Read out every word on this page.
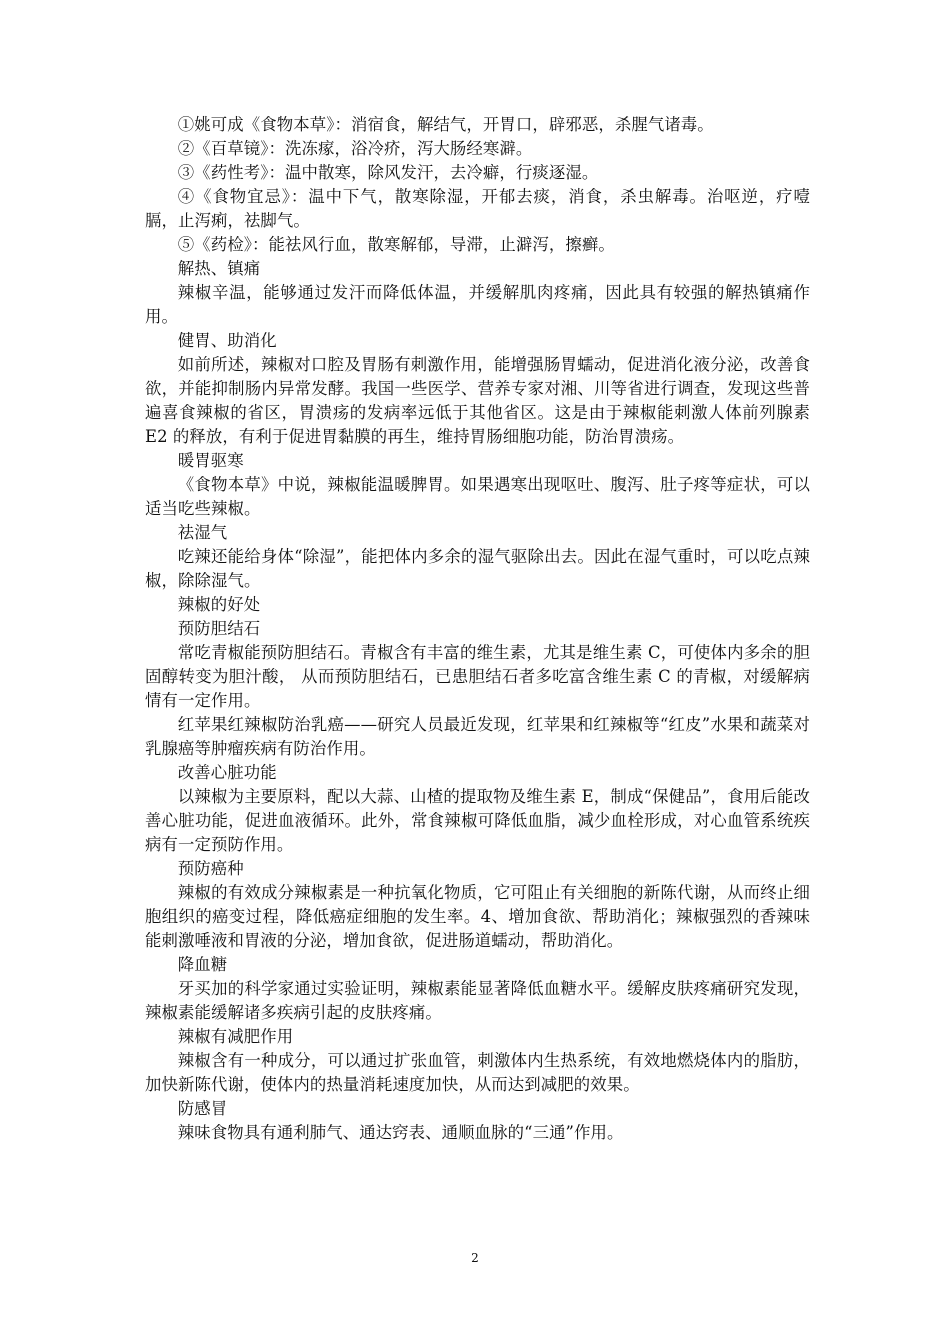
①姚可成《食物本草》：消宿食，解结气，开胃口，辟邪恶，杀腥气诸毒。

②《百草镜》：洗冻瘃，浴冷疥，泻大肠经寒澼。

③《药性考》：温中散寒，除风发汗，去冷癖，行痰逐湿。

④《食物宜忌》：温中下气，散寒除湿，开郁去痰，消食，杀虫解毒。治呕逆，疗噎膈，止泻痢，祛脚气。

⑤《药检》：能祛风行血，散寒解郁，导滞，止澼泻，擦癣。

解热、镇痛

辣椒辛温，能够通过发汗而降低体温，并缓解肌肉疼痛，因此具有较强的解热镇痛作用。

健胃、助消化

如前所述，辣椒对口腔及胃肠有刺激作用，能增强肠胃蠕动，促进消化液分泌，改善食欲，并能抑制肠内异常发酵。我国一些医学、营养专家对湘、川等省进行调查，发现这些普遍喜食辣椒的省区，胃溃疡的发病率远低于其他省区。这是由于辣椒能刺激人体前列腺素 E2 的释放，有利于促进胃黏膜的再生，维持胃肠细胞功能，防治胃溃疡。

暖胃驱寒

《食物本草》中说，辣椒能温暖脾胃。如果遇寒出现呕吐、腹泻、肚子疼等症状，可以适当吃些辣椒。

祛湿气

吃辣还能给身体“除湿”，能把体内多余的湿气驱除出去。因此在湿气重时，可以吃点辣椒，除除湿气。

辣椒的好处

预防胆结石

常吃青椒能预防胆结石。青椒含有丰富的维生素，尤其是维生素 C，可使体内多余的胆固醇转变为胆汁酸， 从而预防胆结石，已患胆结石者多吃富含维生素 C 的青椒，对缓解病情有一定作用。

红苹果红辣椒防治乳癌——研究人员最近发现，红苹果和红辣椒等“红皮”水果和蔬菜对乳腺癌等肿瘤疾病有防治作用。

改善心脏功能

以辣椒为主要原料，配以大蒜、山楂的提取物及维生素 E，制成“保健品”，食用后能改善心脏功能，促进血液循环。此外，常食辣椒可降低血脂，减少血栓形成，对心血管系统疾病有一定预防作用。

预防癌种

辣椒的有效成分辣椒素是一种抗氧化物质，它可阻止有关细胞的新陈代谢，从而终止细胞组织的癌变过程，降低癌症细胞的发生率。4、增加食欲、帮助消化；辣椒强烈的香辣味能刺激唾液和胃液的分泌，增加食欲，促进肠道蠕动，帮助消化。

降血糖

牙买加的科学家通过实验证明，辣椒素能显著降低血糖水平。缓解皮肤疼痛研究发现，辣椒素能缓解诸多疾病引起的皮肤疼痛。

辣椒有减肥作用

辣椒含有一种成分，可以通过扩张血管，刺激体内生热系统，有效地燃烧体内的脂肪，加快新陈代谢，使体内的热量消耗速度加快，从而达到减肥的效果。

防感冒

辣味食物具有通利肺气、通达窍表、通顺血脉的“三通”作用。

2
